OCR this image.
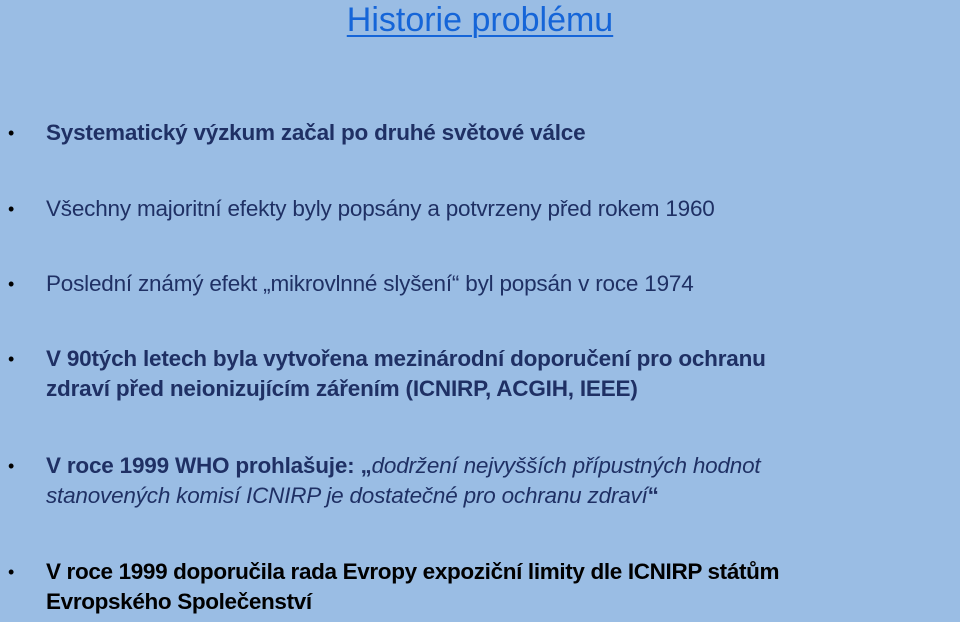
Historie problému
• Systematický výzkum začal po druhé světové válce
• Všechny majoritní efekty byly popsány a potvrzeny před rokem 1960
• Poslední známý efekt „mikrovlnné slyšení“ byl popsán v roce 1974
• V 90tých letech byla vytvořena mezinárodní doporučení pro ochranu
zdraví před neionizujícím zářením (ICNIRP, ACGIH, IEEE)
• V roce 1999 WHO prohlašuje: „dodržení nejvyšších přípustných hodnot
stanovených komisí ICNIRP je dostatečné pro ochranu zdraví“
• V roce 1999 doporučila rada Evropy expoziční limity dle ICNIRP státům
Evropského Společenství
